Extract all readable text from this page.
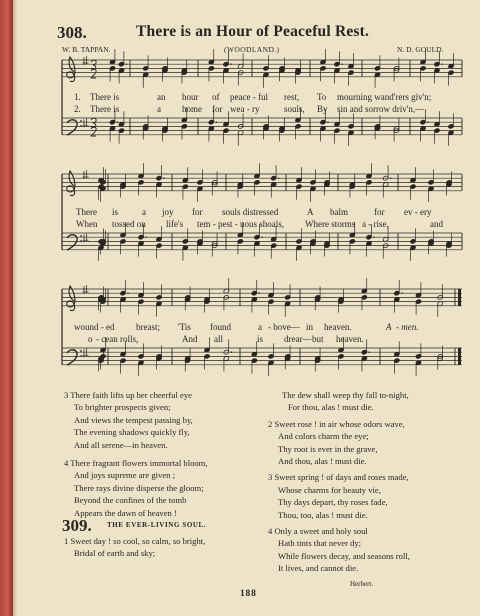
308.	There is an Hour of Peaceful Rest.
W. B. TAPPAN.	(WOODLAND.)	N. D. GOULD.
1. There is	an hour of peace - ful rest, To mourning wand'rers giv'n;
2. There is	a home for wea - ry	souls, By sin and sorrow driv'n,—
There is	a joy for souls distressed	A balm	for ev - ery
When tossed on life's tem - pest - uous shoals, Where storms a - rise,	and
wound - ed breast; 'Tis found	a - bove— in heaven.	A - men.
o - cean rolls,	And all	is drear— but heaven.
3 There faith lifts up her cheerful eye
To brighter prospects given;
And views the tempest passing by,
The evening shadows quickly fly,
And all serene—in heaven.
4 There fragrant flowers immortal bloom,
And joys supreme are given ;
There rays divine disperse the gloom;
Beyond the confines of the tomb
Appears the dawn of heaven !
The dew shall weep thy fall to-night,
For thou, alas ! must die.
2 Sweet rose ! in air whose odors wave,
And colors charm the eye;
Thy root is ever in the grave,
And thou, alas ! must die.
3 Sweet spring ! of days and roses made,
Whose charms for beauty vie,
Thy days depart, thy roses fade,
Thou, too, alas ! must die.
4 Only a sweet and holy soul
Hath tints that never dy;
While flowers decay, and seasons roll,
It lives, and cannot die.
309. THE EVER-LIVING SOUL.
1 Sweet day ! so cool, so calm, so bright,
Bridal of earth and sky;
Herbert.
188
